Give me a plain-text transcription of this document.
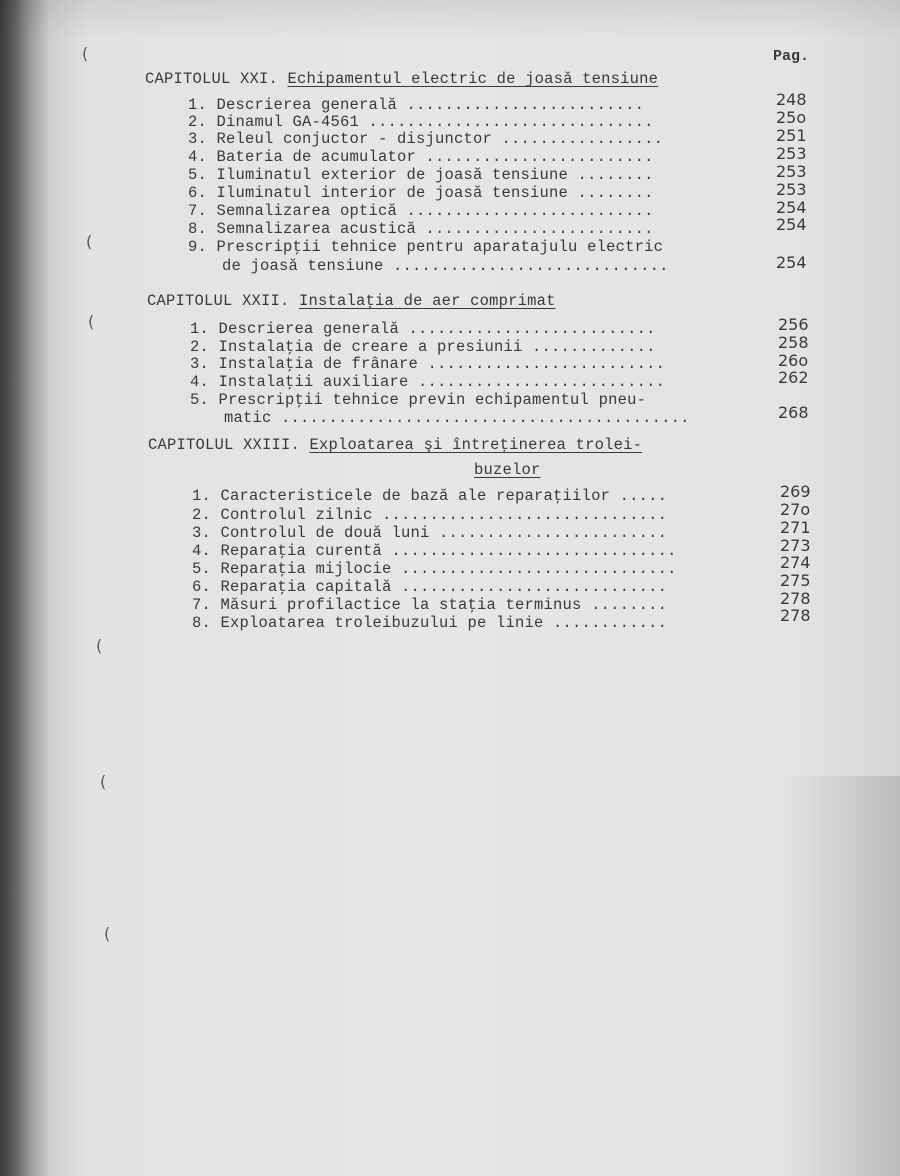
(
(
(
(
(
(
Pag.
CAPITOLUL XXI. Echipamentul electric de joasă tensiune
1. Descrierea generală .........................	248
2. Dinamul GA-4561 ..............................	25o
3. Releul conjuctor - disjunctor .................	251
4. Bateria de acumulator ........................	253
5. Iluminatul exterior de joasă tensiune ........	253
6. Iluminatul interior de joasă tensiune ........	253
7. Semnalizarea optică ..........................	254
8. Semnalizarea acustică ........................	254
9. Prescripţii tehnice pentru aparatajulu electric
de joasă tensiune .............................	254
CAPITOLUL XXII. Instalaţia de aer comprimat
1. Descrierea generală ..........................	256
2. Instalaţia de creare a presiunii .............	258
3. Instalaţia de frânare .........................	26o
4. Instalaţii auxiliare ..........................	262
5. Prescripţii tehnice previn echipamentul pneu-
matic ...........................................	268
CAPITOLUL XXIII. Exploatarea şi întreţinerea trolei-
buzelor
1. Caracteristicele de bază ale reparaţiilor .....	269
2. Controlul zilnic ..............................	27o
3. Controlul de două luni ........................	271
4. Reparaţia curentă ..............................	273
5. Reparaţia mijlocie .............................	274
6. Reparaţia capitală ............................	275
7. Măsuri profilactice la staţia terminus ........	278
8. Exploatarea troleibuzului pe linie ............	278
